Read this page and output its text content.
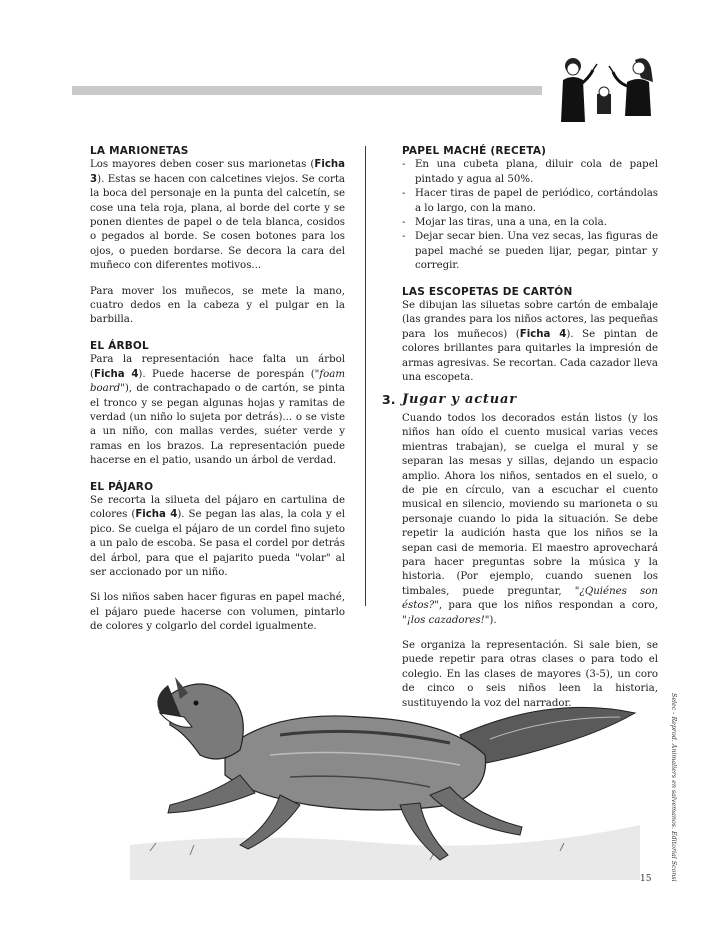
LA MARIONETAS

Los mayores deben coser sus marionetas (Ficha 3). Estas se hacen con calcetines viejos. Se corta la boca del personaje en la punta del calcetín, se cose una tela roja, plana, al borde del corte y se ponen dientes de papel o de tela blanca, cosidos o pegados al borde. Se cosen botones para los ojos, o pueden bordarse. Se decora la cara del muñeco con diferentes motivos...

Para mover los muñecos, se mete la mano, cuatro dedos en la cabeza y el pulgar en la barbilla.

EL ÁRBOL

Para la representación hace falta un árbol (Ficha 4). Puede hacerse de porespán ("foam board"), de contrachapado o de cartón, se pinta el tronco y se pegan algunas hojas y ramitas de verdad (un niño lo sujeta por detrás)... o se viste a un niño, con mallas verdes, suéter verde y ramas en los brazos. La representación puede hacerse en el patio, usando un árbol de verdad.

EL PÁJARO

Se recorta la silueta del pájaro en cartulina de colores (Ficha 4). Se pegan las alas, la cola y el pico. Se cuelga el pájaro de un cordel fino sujeto a un palo de escoba. Se pasa el cordel por detrás del árbol, para que el pajarito pueda "volar" al ser accionado por un niño.

Si los niños saben hacer figuras en papel maché, el pájaro puede hacerse con volumen, pintarlo de colores y colgarlo del cordel igualmente.

PAPEL MACHÉ (RECETA)

- En una cubeta plana, diluir cola de papel pintado y agua al 50%.
- Hacer tiras de papel de periódico, cortándolas a lo largo, con la mano.
- Mojar las tiras, una a una, en la cola.
- Dejar secar bien. Una vez secas, las figuras de papel maché se pueden lijar, pegar, pintar y corregir.

LAS ESCOPETAS DE CARTÓN

Se dibujan las siluetas sobre cartón de embalaje (las grandes para los niños actores, las pequeñas para los muñecos) (Ficha 4). Se pintan de colores brillantes para quitarles la impresión de armas agresivas. Se recortan. Cada cazador lleva una escopeta.

3. Jugar y actuar

Cuando todos los decorados están listos (y los niños han oído el cuento musical varias veces mientras trabajan), se cuelga el mural y se separan las mesas y sillas, dejando un espacio amplio. Ahora los niños, sentados en el suelo, o de pie en círculo, van a escuchar el cuento musical en silencio, moviendo su marioneta o su personaje cuando lo pida la situación. Se debe repetir la audición hasta que los niños se la sepan casi de memoria. El maestro aprovechará para hacer preguntas sobre la música y la historia. (Por ejemplo, cuando suenen los timbales, puede preguntar, "¿Quiénes son éstos?", para que los niños respondan a coro, "¡los cazadores!").

Se organiza la representación. Si sale bien, se puede repetir para otras clases o para todo el colegio. En las clases de mayores (3-5), un coro de cinco o seis niños leen la historia, sustituyendo la voz del narrador.	Selec - Reprod. Animaliers en salvemanos. Editorial Sconsi
15
